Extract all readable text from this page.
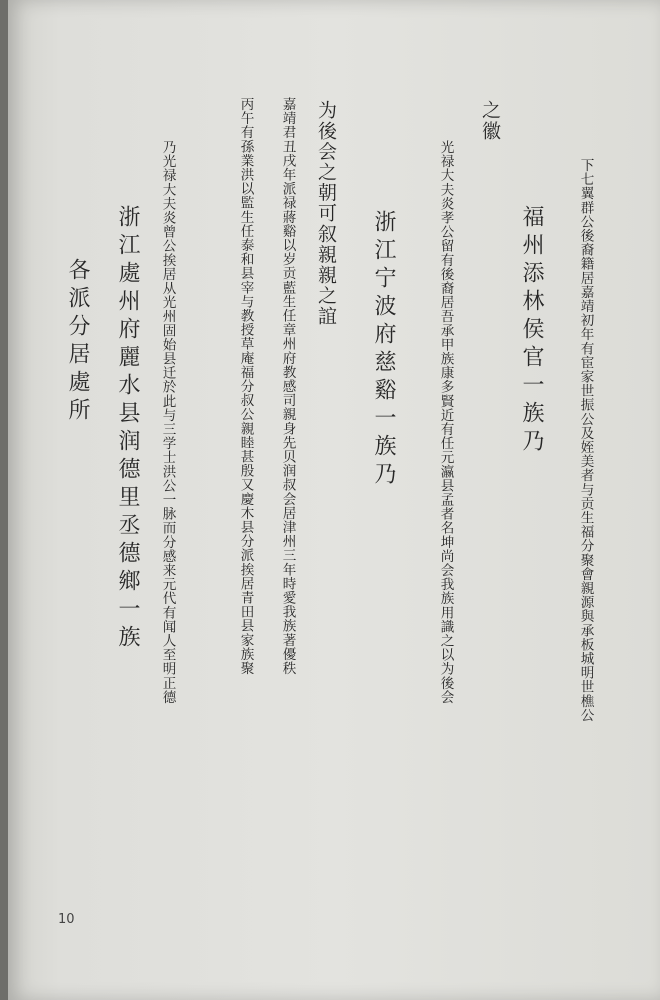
下七翼群公後裔籍居嘉靖初年有宦家世振公及姪美者与贡生福分聚會親源與承板城明世樵公
福州添林侯官一族乃
之徽
光禄大夫炎孝公留有後裔居吾承甲族康多賢近有任元瀛县孟者名坤尚会我族用識之以为後会
浙江宁波府慈谿一族乃
为後会之朝可叙親親之誼
嘉靖君丑戌年派禄蔣谿以岁贡藍生任章州府教感司親身先贝润叔会居津州三年時愛我族著優秩
丙午有孫業洪以監生任泰和县宰与教授草庵福分叔公親睦甚殷又慶木县分派挨居青田县家族聚
乃光禄大夫炎曾公挨居从光州固始县迁於此与三学士洪公一脉而分感来元代有闻人至明正德
浙江處州府麗水县润德里丞德鄉一族
各派分居處所
10
